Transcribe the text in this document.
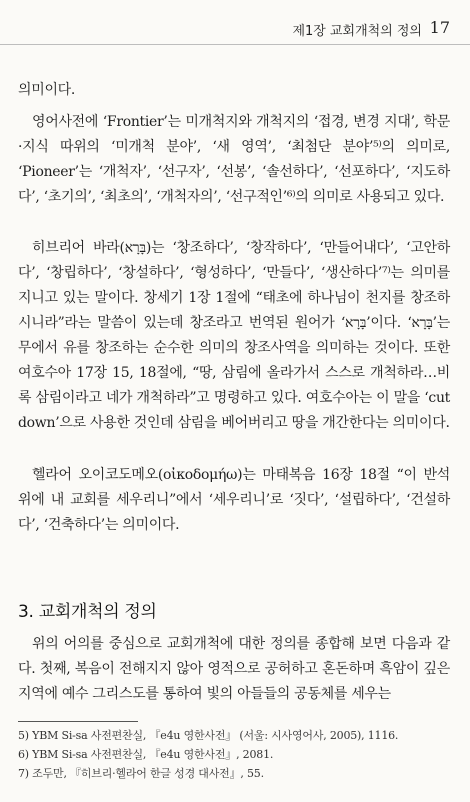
제1장 교회개척의 정의 17
의미이다.
영어사전에 ‘Frontier’는 미개척지와 개척지의 ‘접경, 변경 지대’, 학문·지식 따위의 ‘미개척 분야’, ‘새 영역’, ‘최첨단 분야’⁵⁾의 의미로, ‘Pioneer’는 ‘개척자’, ‘선구자’, ‘선봉’, ‘솔선하다’, ‘선포하다’, ‘지도하다’, ‘초기의’, ‘최초의’, ‘개척자의’, ‘선구적인’⁶⁾의 의미로 사용되고 있다.
히브리어 바라(בָּרָא)는 ‘창조하다’, ‘창작하다’, ‘만들어내다’, ‘고안하다’, ‘창립하다’, ‘창설하다’, ‘형성하다’, ‘만들다’, ‘생산하다’⁷⁾는 의미를 지니고 있는 말이다. 창세기 1장 1절에 “태초에 하나님이 천지를 창조하시니라”라는 말씀이 있는데 창조라고 번역된 원어가 ‘בָּרָא’이다. ‘בָּרָא’는 무에서 유를 창조하는 순수한 의미의 창조사역을 의미하는 것이다. 또한 여호수아 17장 15, 18절에, “땅, 삼림에 올라가서 스스로 개척하라…비록 삼림이라고 네가 개척하라”고 명령하고 있다. 여호수아는 이 말을 ‘cut down’으로 사용한 것인데 삼림을 베어버리고 땅을 개간한다는 의미이다.
헬라어 오이코도메오(οἰκοδομήω)는 마태복음 16장 18절 “이 반석 위에 내 교회를 세우리니”에서 ‘세우리니’로 ‘짓다’, ‘설립하다’, ‘건설하다’, ‘건축하다’는 의미이다.
3. 교회개척의 정의
위의 어의를 중심으로 교회개척에 대한 정의를 종합해 보면 다음과 같다. 첫째, 복음이 전해지지 않아 영적으로 공허하고 혼돈하며 흑암이 깊은 지역에 예수 그리스도를 통하여 빛의 아들들의 공동체를 세우는
5) YBM Si-sa 사전편찬실, 『e4u 영한사전』 (서울: 시사영어사, 2005), 1116.
6) YBM Si-sa 사전편찬실, 『e4u 영한사전』, 2081.
7) 조두만, 『히브리·헬라어 한글 성경 대사전』, 55.
